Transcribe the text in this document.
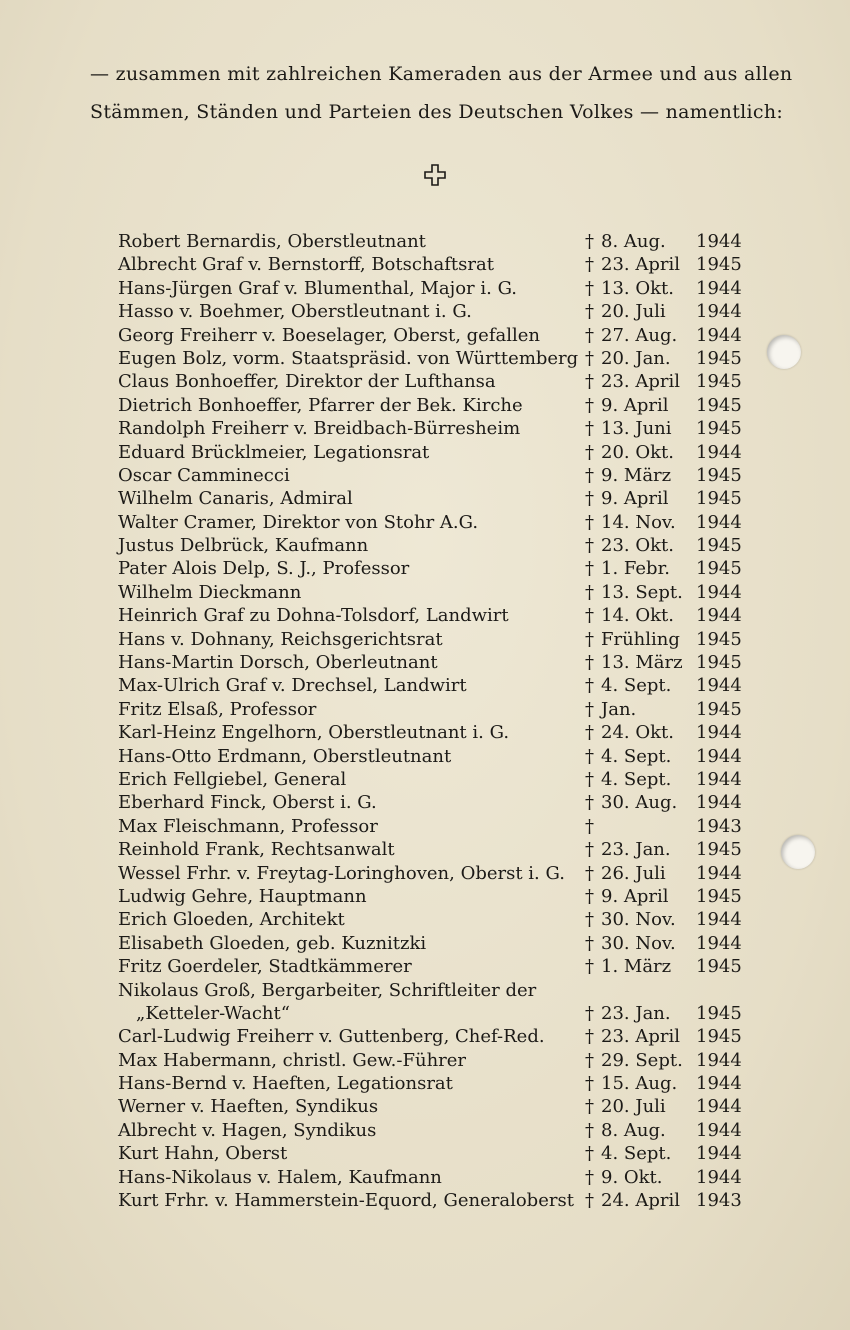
— zusammen mit zahlreichen Kameraden aus der Armee und aus allen
Stämmen, Ständen und Parteien des Deutschen Volkes — namentlich:
Robert Bernardis, Oberstleutnant	† 8. Aug. 1944
Albrecht Graf v. Bernstorff, Botschaftsrat	† 23. April 1945
Hans-Jürgen Graf v. Blumenthal, Major i. G.	† 13. Okt. 1944
Hasso v. Boehmer, Oberstleutnant i. G.	† 20. Juli 1944
Georg Freiherr v. Boeselager, Oberst, gefallen	† 27. Aug. 1944
Eugen Bolz, vorm. Staatspräsid. von Württemberg † 20. Jan. 1945
Claus Bonhoeffer, Direktor der Lufthansa	† 23. April 1945
Dietrich Bonhoeffer, Pfarrer der Bek. Kirche	† 9. April 1945
Randolph Freiherr v. Breidbach-Bürresheim	† 13. Juni 1945
Eduard Brücklmeier, Legationsrat	† 20. Okt. 1944
Oscar Camminecci	† 9. März 1945
Wilhelm Canaris, Admiral	† 9. April 1945
Walter Cramer, Direktor von Stohr A.G.	† 14. Nov. 1944
Justus Delbrück, Kaufmann	† 23. Okt. 1945
Pater Alois Delp, S. J., Professor	† 1. Febr. 1945
Wilhelm Dieckmann	† 13. Sept. 1944
Heinrich Graf zu Dohna-Tolsdorf, Landwirt	† 14. Okt. 1944
Hans v. Dohnany, Reichsgerichtsrat	† Frühling 1945
Hans-Martin Dorsch, Oberleutnant	† 13. März 1945
Max-Ulrich Graf v. Drechsel, Landwirt	† 4. Sept. 1944
Fritz Elsaß, Professor	† Jan.	1945
Karl-Heinz Engelhorn, Oberstleutnant i. G.	† 24. Okt. 1944
Hans-Otto Erdmann, Oberstleutnant	† 4. Sept. 1944
Erich Fellgiebel, General	† 4. Sept. 1944
Eberhard Finck, Oberst i. G.	† 30. Aug. 1944
Max Fleischmann, Professor	†	1943
Reinhold Frank, Rechtsanwalt	† 23. Jan. 1945
Wessel Frhr. v. Freytag-Loringhoven, Oberst i. G. † 26. Juli 1944
Ludwig Gehre, Hauptmann	† 9. April 1945
Erich Gloeden, Architekt	† 30. Nov. 1944
Elisabeth Gloeden, geb. Kuznitzki	† 30. Nov. 1944
Fritz Goerdeler, Stadtkämmerer	† 1. März 1945
Nikolaus Groß, Bergarbeiter, Schriftleiter der
„Ketteler-Wacht“	† 23. Jan. 1945
Carl-Ludwig Freiherr v. Guttenberg, Chef-Red. † 23. April 1945
Max Habermann, christl. Gew.-Führer	† 29. Sept. 1944
Hans-Bernd v. Haeften, Legationsrat	† 15. Aug. 1944
Werner v. Haeften, Syndikus	† 20. Juli 1944
Albrecht v. Hagen, Syndikus	† 8. Aug. 1944
Kurt Hahn, Oberst	† 4. Sept. 1944
Hans-Nikolaus v. Halem, Kaufmann	† 9. Okt. 1944
Kurt Frhr. v. Hammerstein-Equord, Generaloberst † 24. April 1943
